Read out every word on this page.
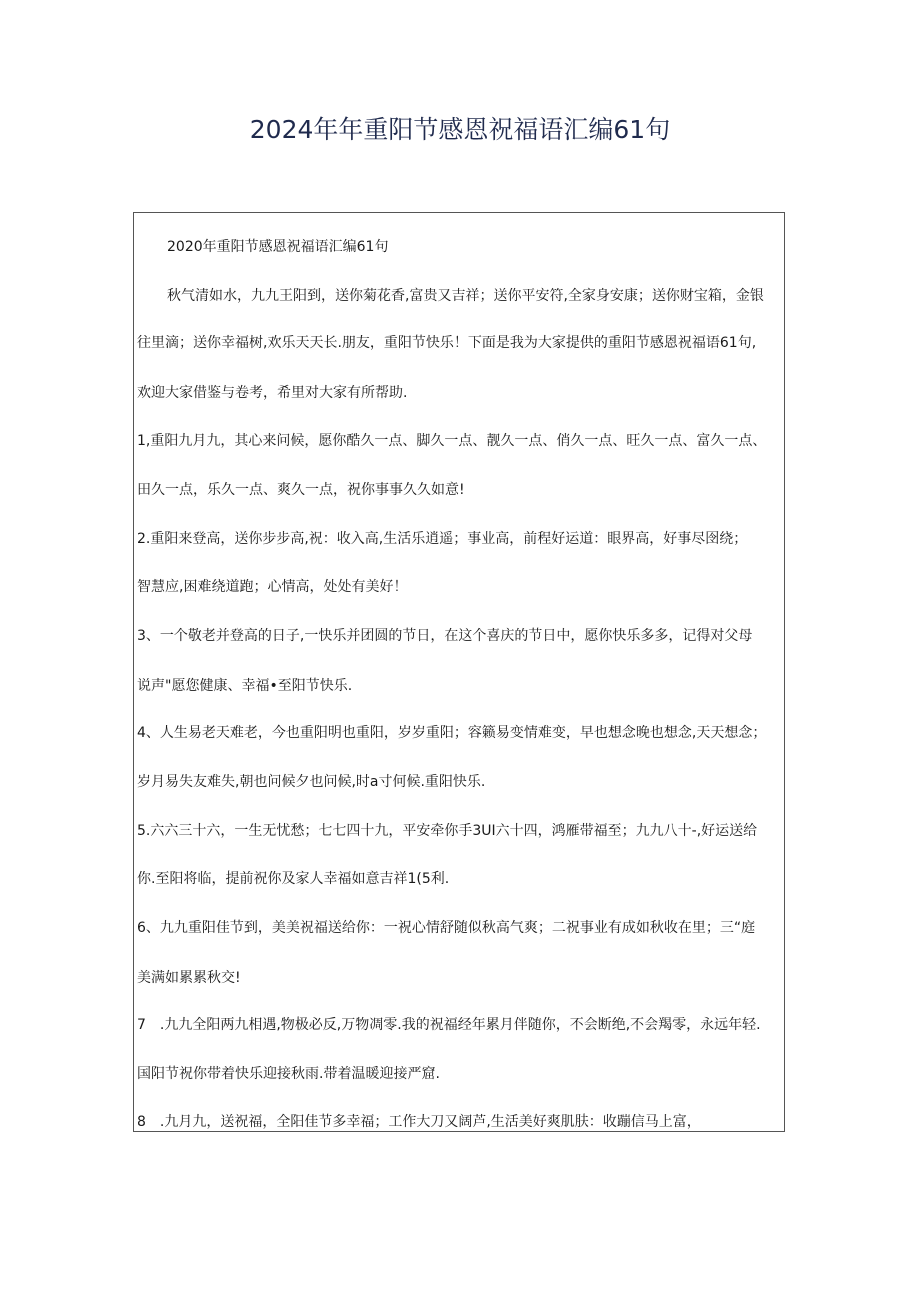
2024年年重阳节感恩祝福语汇编61句
2020年重阳节感恩祝福语汇编61句
秋气清如水，九九王阳到，送你菊花香,富贵又吉祥；送你平安符,全家身安康；送你财宝箱，金银
往里滴；送你幸福树,欢乐天天长.朋友，重阳节快乐！下面是我为大家提供的重阳节感恩祝福语61句,
欢迎大家借鉴与卷考，希里对大家有所帮助.
1,重阳九月九，其心来问候，愿你酷久一点、脚久一点、靓久一点、俏久一点、旺久一点、富久一点、
田久一点，乐久一点、爽久一点，祝你事事久久如意!
2.重阳来登高，送你步步高,祝：收入高,生活乐逍遥；事业高，前程好运道：眼界高，好事尽囹绕；
智慧应,困难绕道跑；心情高，处处有美好！
3、一个敬老并登高的日子,一快乐并团圆的节日，在这个喜庆的节日中，愿你快乐多多，记得对父母
说声"愿您健康、幸福•至阳节快乐.
4、人生易老天难老，今也重阳明也重阳，岁岁重阳；容籁易变情难变，早也想念晚也想念,天天想念；
岁月易失友难失,朝也问候夕也问候,时a寸何候.重阳快乐.
5.六六三十六，一生无忧愁；七七四十九，平安牵你手3UI六十四，鸿雁带福至；九九八十-,好运送给
你.至阳将临，提前祝你及家人幸福如意吉祥1(5利.
6、九九重阳佳节到，美美祝福送给你：一祝心情舒随似秋高气爽；二祝事业有成如秋收在里；三“庭
美满如累累秋交!
7　.九九全阳两九相遇,物极必反,万物凋零.我的祝福经年累月伴随你，不会断绝,不会羯零，永远年轻.
国阳节祝你带着快乐迎接秋雨.带着温暖迎接严窟.
8　.九月九，送祝福，全阳佳节多幸福；工作大刀又阔芦,生活美好爽肌肤：收蹦信马上富，
